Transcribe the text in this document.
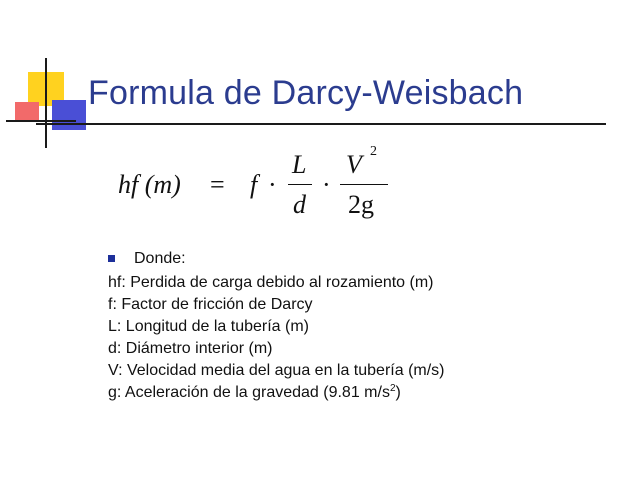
Formula de Darcy-Weisbach
hf (m) = f ·
L
d
·
V 2
2g
Donde:
hf: Perdida de carga debido al rozamiento (m)
f: Factor de fricción de Darcy
L: Longitud de la tubería (m)
d: Diámetro interior (m)
V: Velocidad media del agua en la tubería (m/s)
g: Aceleración de la gravedad (9.81 $m/s^2$)
